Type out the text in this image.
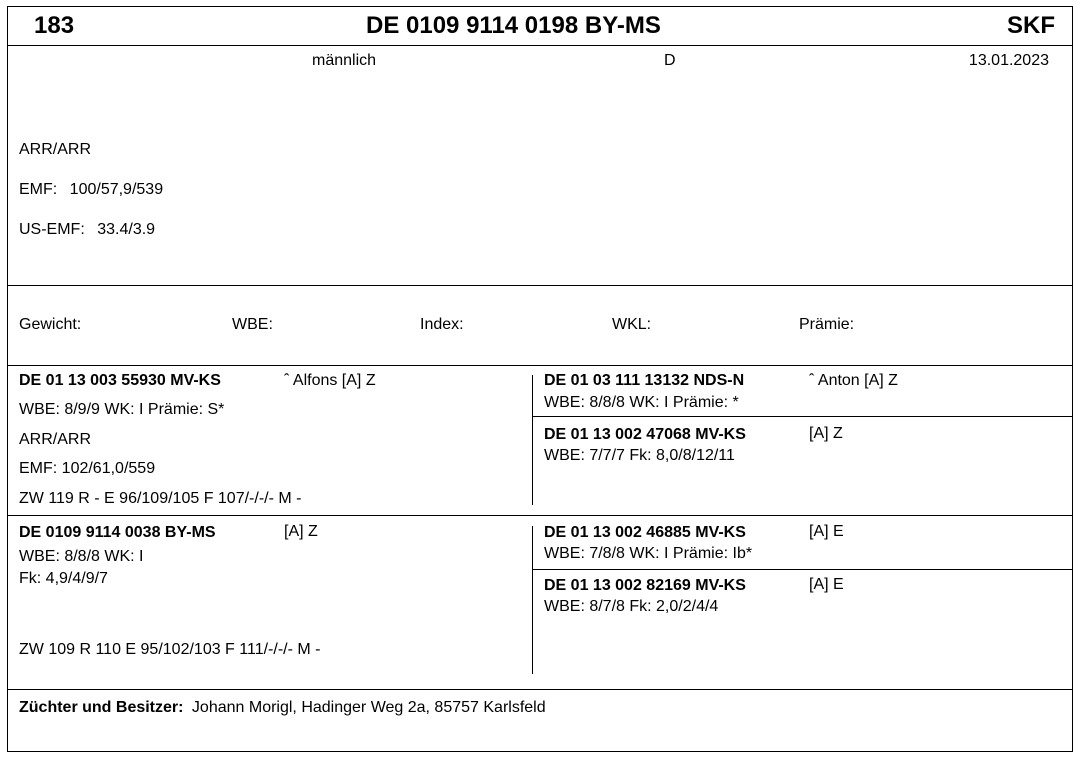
183	DE 0109 9114 0198 BY-MS	SKF
männlich	D	13.01.2023
ARR/ARR
EMF: 100/57,9/539
US-EMF: 33.4/3.9
Gewicht:	WBE:	Index:	WKL:	Prämie:
DE 01 13 003 55930 MV-KS	ˆ Alfons [A] Z
WBE: 8/9/9 WK: I Prämie: S*
ARR/ARR
EMF: 102/61,0/559
ZW 119 R - E 96/109/105 F 107/-/-/- M -
DE 01 03 111 13132 NDS-N	ˆ Anton [A] Z
WBE: 8/8/8 WK: I Prämie: *
DE 01 13 002 47068 MV-KS	[A] Z
WBE: 7/7/7 Fk: 8,0/8/12/11
DE 0109 9114 0038 BY-MS	[A] Z
WBE: 8/8/8 WK: I
Fk: 4,9/4/9/7
ZW 109 R 110 E 95/102/103 F 111/-/-/- M -
DE 01 13 002 46885 MV-KS	[A] E
WBE: 7/8/8 WK: I Prämie: Ib*
DE 01 13 002 82169 MV-KS	[A] E
WBE: 8/7/8 Fk: 2,0/2/4/4
Züchter und Besitzer: Johann Morigl, Hadinger Weg 2a, 85757 Karlsfeld
